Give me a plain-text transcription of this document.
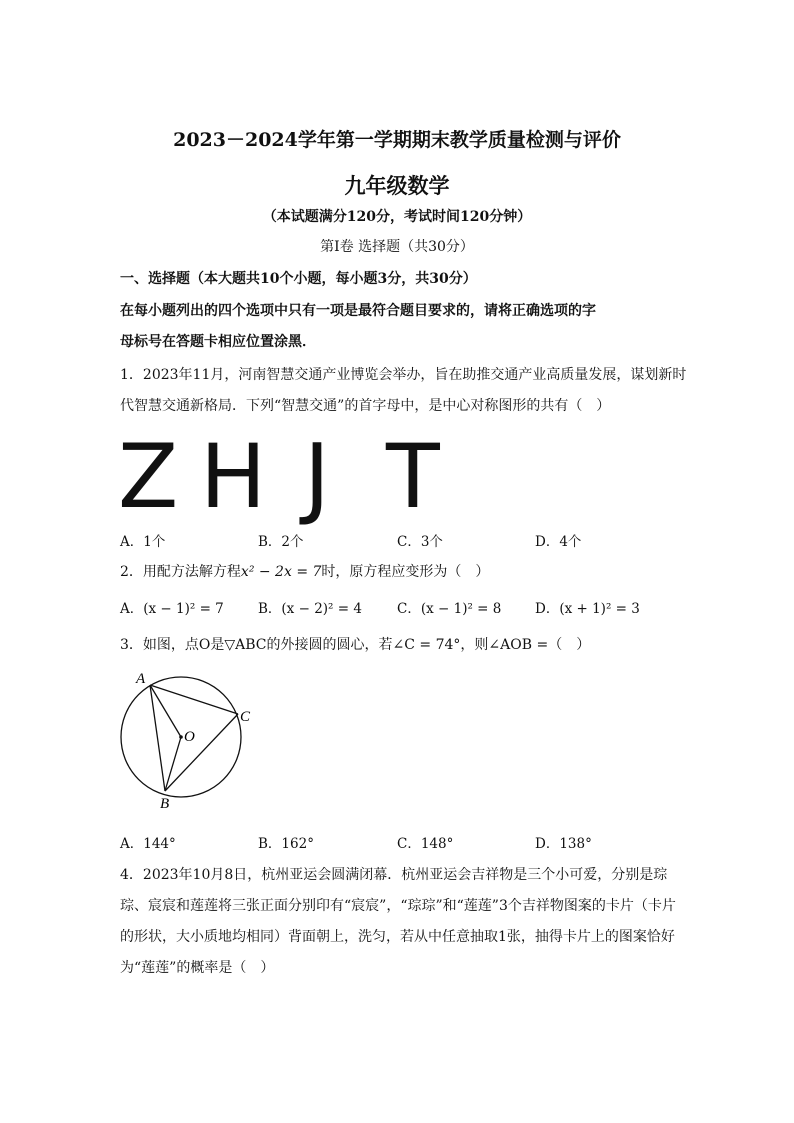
2023－2024学年第一学期期末教学质量检测与评价
九年级数学
（本试题满分120分，考试时间120分钟）
第Ⅰ卷 选择题（共30分）
一、选择题（本大题共10个小题，每小题3分，共30分）
在每小题列出的四个选项中只有一项是最符合题目要求的，请将正确选项的字
母标号在答题卡相应位置涂黑．
1．2023年11月，河南智慧交通产业博览会举办，旨在助推交通产业高质量发展，谋划新时
代智慧交通新格局．下列“智慧交通”的首字母中，是中心对称图形的共有（　）
Z H J T
A．1个	B．2个	C．3个	D．4个
2．用配方法解方程x² − 2x = 7时，原方程应变形为（　）
A．(x − 1)² = 7	B．(x − 2)² = 4	C．(x − 1)² = 8 D．(x + 1)² = 3
3．如图，点O是▽ABC的外接圆的圆心，若∠C = 74°，则∠AOB =（　）
A
C
O
B
A．144°	B．162°	C．148°	D．138°
4．2023年10月8日，杭州亚运会圆满闭幕．杭州亚运会吉祥物是三个小可爱，分别是琮
琮、宸宸和莲莲将三张正面分别印有“宸宸”，“琮琮”和“莲莲”3个吉祥物图案的卡片（卡片
的形状，大小质地均相同）背面朝上，洗匀，若从中任意抽取1张，抽得卡片上的图案恰好
为“莲莲”的概率是（　）
